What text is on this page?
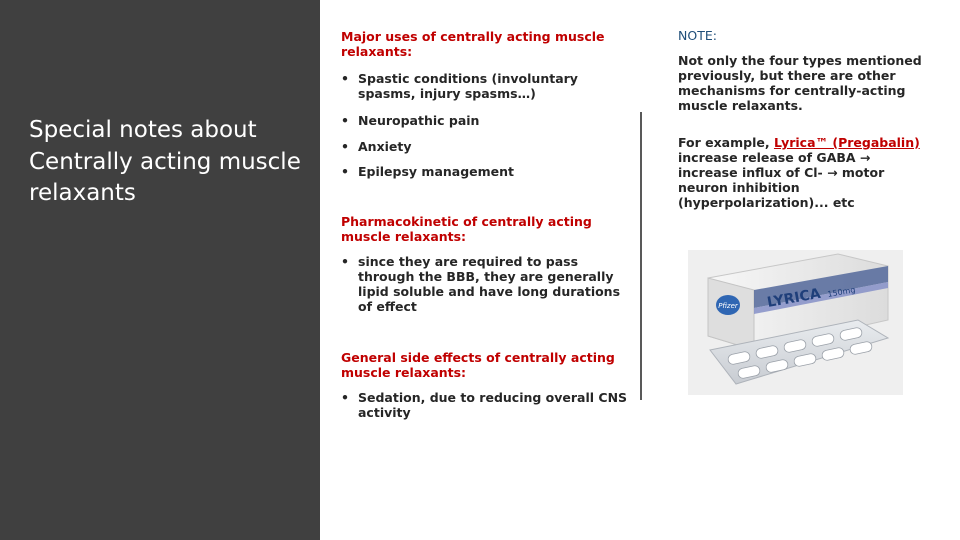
Special notes about Centrally acting muscle relaxants

Major uses of centrally acting muscle relaxants:

• Spastic conditions (involuntary spasms, injury spasms…)
• Neuropathic pain
• Anxiety
• Epilepsy management

Pharmacokinetic of centrally acting muscle relaxants:

• since they are required to pass through the BBB, they are generally lipid soluble and have long durations of effect

General side effects of centrally acting muscle relaxants:

• Sedation, due to reducing overall CNS activity

NOTE:

Not only the four types mentioned previously, but there are other mechanisms for centrally-acting muscle relaxants.

For example, Lyrica™ (Pregabalin) increase release of GABA → increase influx of Cl- → motor neuron inhibition (hyperpolarization)... etc

Pfizer LYRICA 150mg
